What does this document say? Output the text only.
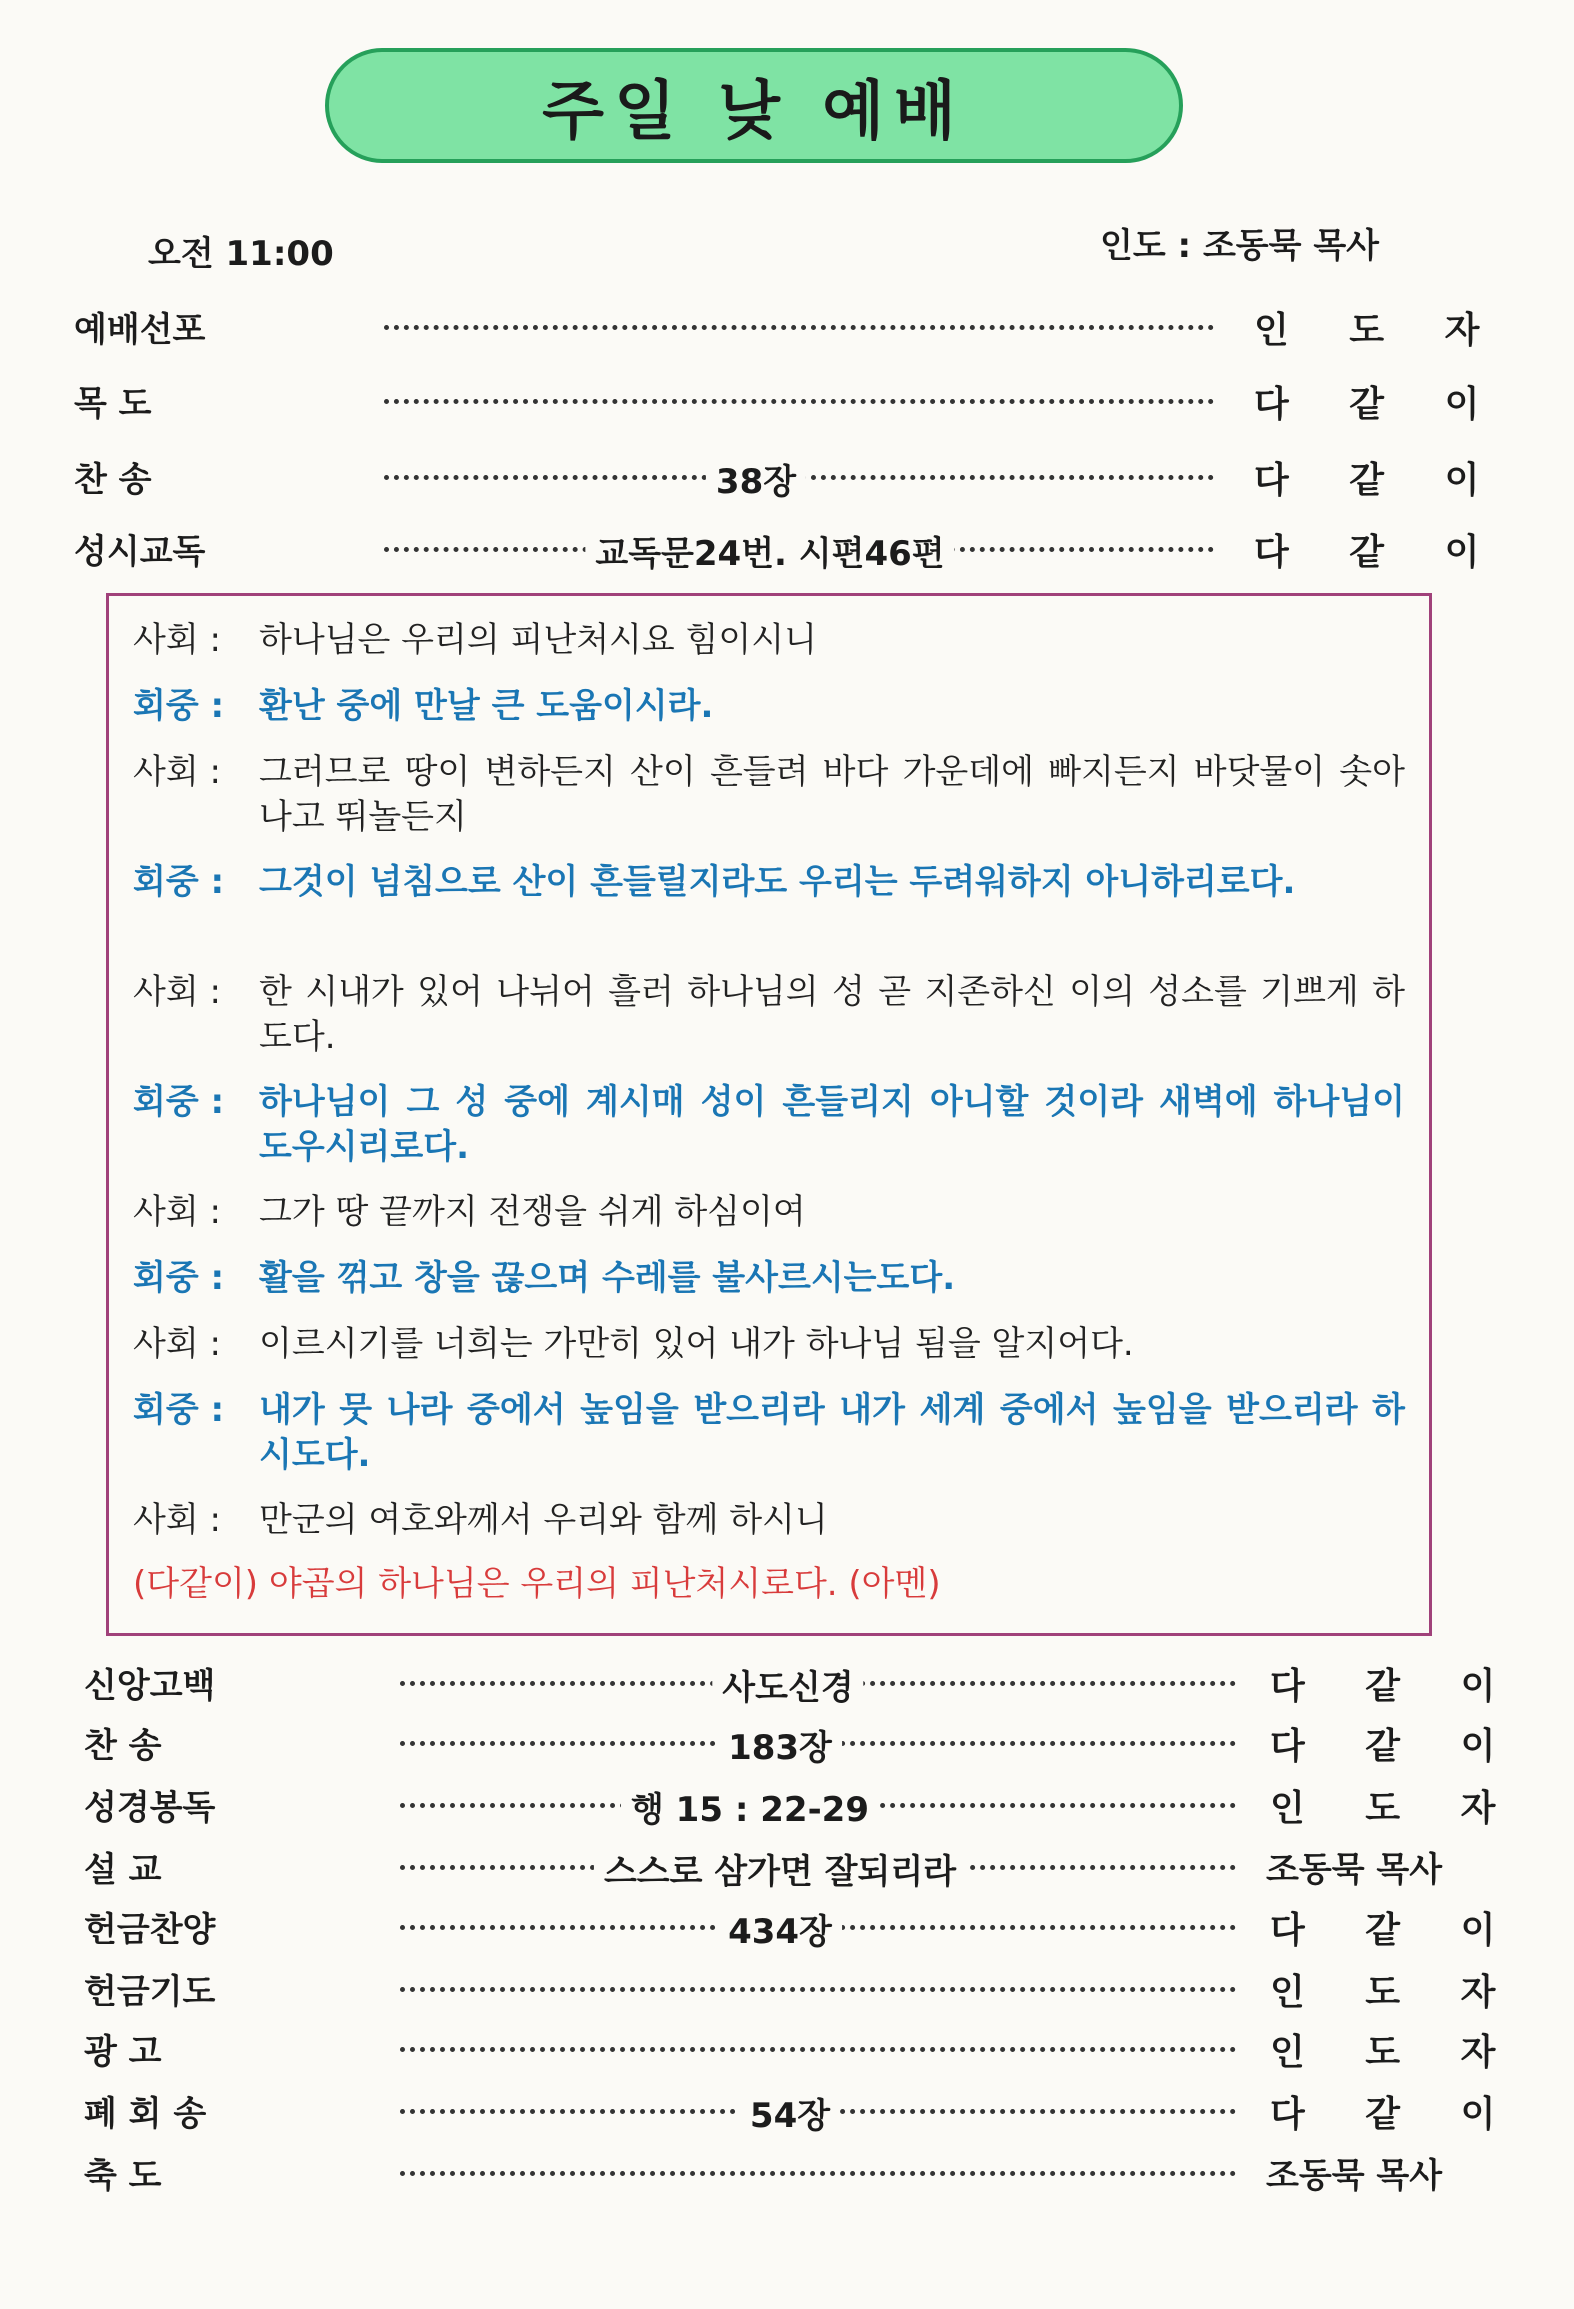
주일 낮 예배
오전 11:00	인도 : 조동묵 목사
예배선포	인 도 자
목 도	다 같 이
찬 송	38장	다 같 이
성시교독	교독문24번. 시편46편	다 같 이
사회 :	하나님은 우리의 피난처시요 힘이시니
회중 :	환난 중에 만날 큰 도움이시라.
사회 :	그러므로 땅이 변하든지 산이 흔들려 바다 가운데에 빠지든지 바닷물이 솟아나고 뛰놀든지
회중 :	그것이 넘침으로 산이 흔들릴지라도 우리는 두려워하지 아니하리로다.
사회 :	한 시내가 있어 나뉘어 흘러 하나님의 성 곧 지존하신 이의 성소를 기쁘게 하도다.
회중 :	하나님이 그 성 중에 계시매 성이 흔들리지 아니할 것이라 새벽에 하나님이 도우시리로다.
사회 :	그가 땅 끝까지 전쟁을 쉬게 하심이여
회중 :	활을 꺾고 창을 끊으며 수레를 불사르시는도다.
사회 :	이르시기를 너희는 가만히 있어 내가 하나님 됨을 알지어다.
회중 :	내가 뭇 나라 중에서 높임을 받으리라 내가 세계 중에서 높임을 받으리라 하시도다.
사회 :	만군의 여호와께서 우리와 함께 하시니
(다같이) 야곱의 하나님은 우리의 피난처시로다. (아멘)
신앙고백	사도신경	다 같 이
찬 송	183장	다 같 이
성경봉독	행 15 : 22-29	인 도 자
설 교	스스로 삼가면 잘되리라	조동묵 목사
헌금찬양	434장	다 같 이
헌금기도	인 도 자
광 고	인 도 자
폐 회 송	54장	다 같 이
축 도	조동묵 목사
